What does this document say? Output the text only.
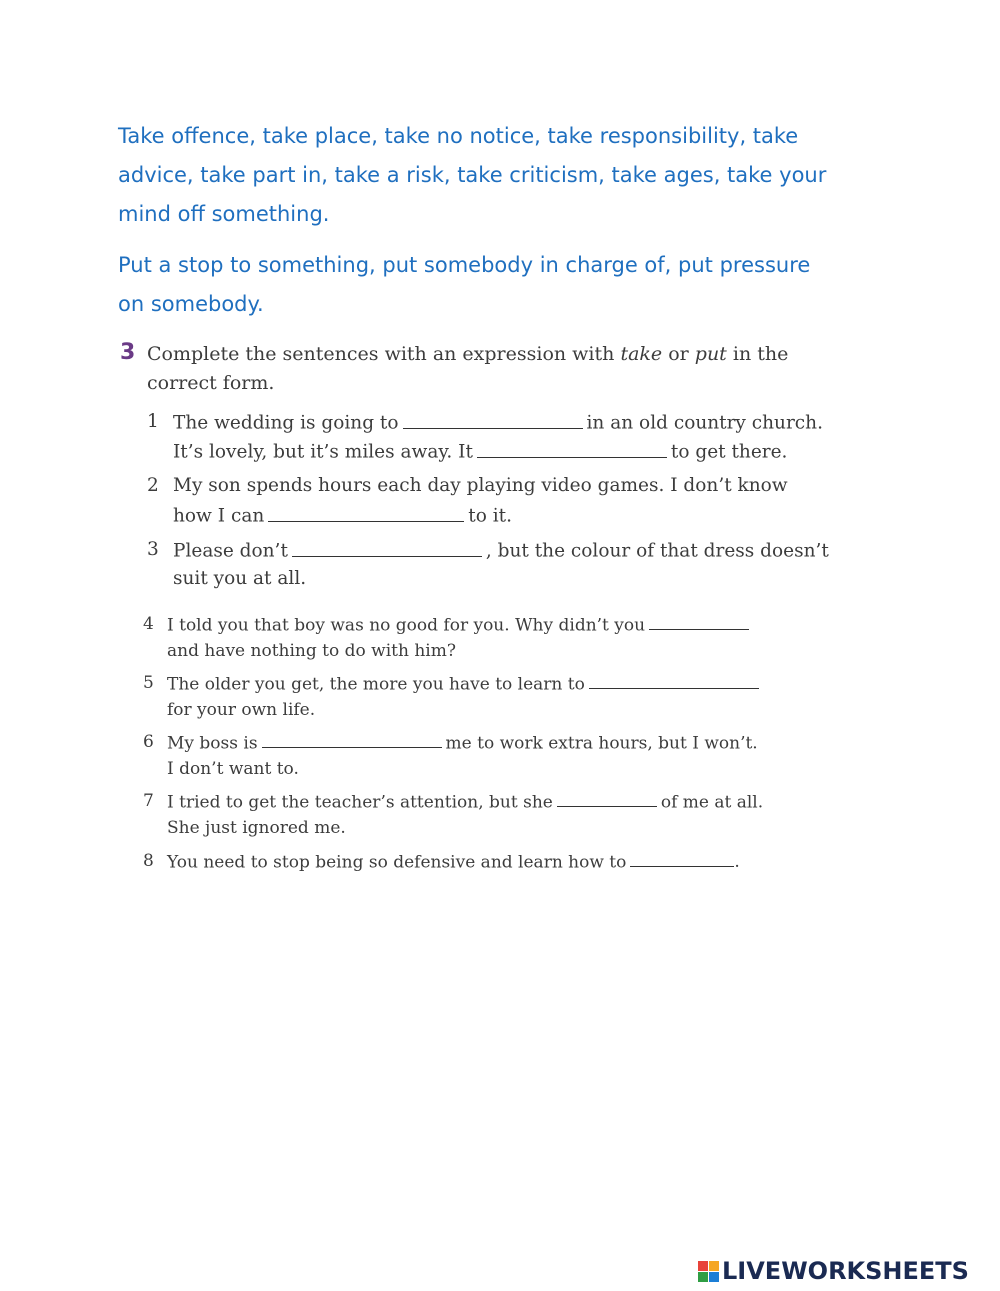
Take offence, take place, take no notice, take responsibility, take advice, take part in, take a risk, take criticism, take ages, take your mind off something.

Put a stop to something, put somebody in charge of, put pressure on somebody.

3 Complete the sentences with an expression with take or put in the
correct form.
1 The wedding is going to	in an old country church.
It’s lovely, but it’s miles away. It	to get there.
2 My son spends hours each day playing video games. I don’t know
how I can	to it.
3 Please don’t	, but the colour of that dress doesn’t
suit you at all.
4 I told you that boy was no good for you. Why didn’t you
and have nothing to do with him?
5 The older you get, the more you have to learn to
for your own life.
6 My boss is	me to work extra hours, but I won’t.
I don’t want to.
7 I tried to get the teacher’s attention, but she	of me at all.
She just ignored me.
8 You need to stop being so defensive and learn how to	.
LIVEWORKSHEETS
